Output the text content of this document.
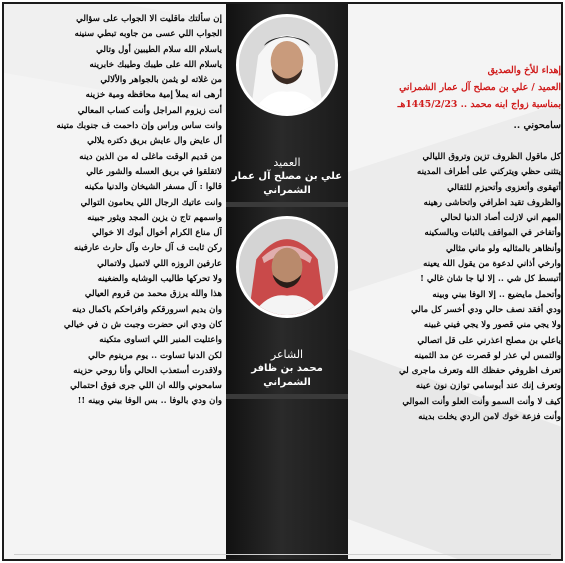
العميد
علي بن مصلح آل عمار الشمراني
الشاعر
محمد بن ظافر الشمراني
إهداء للأخ والصديق
العميد / علي بن مصلح آل عمار الشمراني
بمناسبة زواج ابنه محمد .. 1445/2/23هـ
سامحوني ..
كل ماقول الظروف تزين وتروق الليالي
يتثنى حظي ويتركني على أطراف المدينه
أتهقوى وأتعزوى وأتحيزم للثقالي
والظروف تقيد اطرافي واتحاشى رهينه
المهم اني لازلت أصاد الدنيا لحالي
وأتفاخر في المواقف بالثبات وبالسكينه
وأنظاهر بالمثاليه ولو ماني مثالي
وارخي أذاني لدعوة من يقول الله يعينه
أتبسط كل شي .. إلا ليا جا شان غالي !
وأتحمل مايضيع .. إلا الوفا بيني وبينه
ودي أفقد نصف حالي ودي أخسر كل مالي
ولا يجي مني قصور ولا يجي فيني غبينه
ياعلي بن مصلح اعذرني على قل اتصالي
والتمس لي عذر لو قصرت عن مد الثمينه
تعرف اظروفي حفظك الله وتعرف ماجرى لي
وتعرف إنك عند أبوسامي توازن نون عينه
كيف لا وأنت السمو وأنت العلو وأنت الموالي
وأنت فزعة خوك لامن الردي يخلت بدينه
إن سألتك ماقليت الا الجواب على سؤالي
الجواب اللي عسى من جاوبه تبطي سنينه
ياسلام الله سلام الطيبين أول وتالي
ياسلام الله على طيبك وطيبك خابرينه
من غلاته لو يثمن بالجواهر والألالي
أرهى انه يملأ إمية محافظه ومية خزينه
أنت زيزوم المراجل وأنت كساب المعالي
وانت ساس وراس وإن داحمت ف جنوبك متينه
أل عايض وال عايش بريق دكتره يلالي
من قديم الوقت ماغلى له من الذين دينه
لاتقلقوا في بريق العسله والشور عالي
قالوا : آل مسفر الشيخان والدنيا مكينه
وانت عاتيك الرجال اللي يحامون التوالي
واسمهم تاج ن يزين المجد ويثور جبينه
آل مناع الكرام أخوال أبوك الا خوالي
ركن ثابت ف آل حارث وآل حارث عارفينه
عارفين الروزه اللي لاتميل ولاتمالي
ولا تحركها طاليب الوشايه والضغينه
هذا والله يرزق محمد من قروم العيالي
وان يديم اسرورقكم وافراحكم باكمال دينه
كان ودي اني حضرت وجبت ش ن في خيالي
واعتليت المنبر اللي اتساوى متكينه
لكن الدنيا تساوت .. يوم مرينوم حالي
ولاقدرت أستعذب الحالي وأنا روحي حزينه
سامحوني والله ان اللي جرى فوق احتمالي
وان ودي بالوفا .. بس الوفا بيني وبينه !!
